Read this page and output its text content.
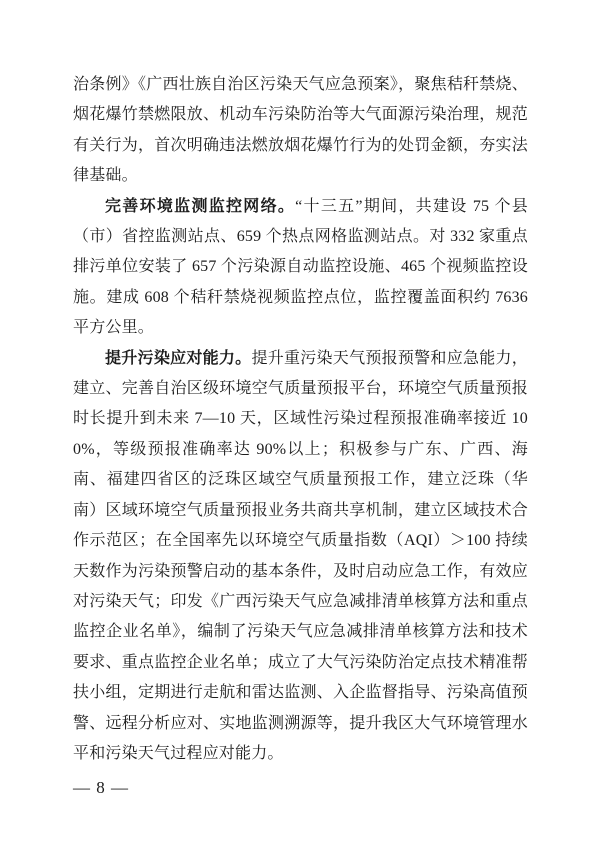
治条例》《广西壮族自治区污染天气应急预案》，聚焦秸秆禁烧、烟花爆竹禁燃限放、机动车污染防治等大气面源污染治理，规范有关行为，首次明确违法燃放烟花爆竹行为的处罚金额，夯实法律基础。

完善环境监测监控网络。“十三五”期间，共建设 75 个县（市）省控监测站点、659 个热点网格监测站点。对 332 家重点排污单位安装了 657 个污染源自动监控设施、465 个视频监控设施。建成 608 个秸秆禁烧视频监控点位，监控覆盖面积约 7636 平方公里。

提升污染应对能力。提升重污染天气预报预警和应急能力，建立、完善自治区级环境空气质量预报平台，环境空气质量预报时长提升到未来 7—10 天，区域性污染过程预报准确率接近 100%，等级预报准确率达 90%以上；积极参与广东、广西、海南、福建四省区的泛珠区域空气质量预报工作，建立泛珠（华南）区域环境空气质量预报业务共商共享机制，建立区域技术合作示范区；在全国率先以环境空气质量指数（AQI）＞100 持续天数作为污染预警启动的基本条件，及时启动应急工作，有效应对污染天气；印发《广西污染天气应急减排清单核算方法和重点监控企业名单》，编制了污染天气应急减排清单核算方法和技术要求、重点监控企业名单；成立了大气污染防治定点技术精准帮扶小组，定期进行走航和雷达监测、入企监督指导、污染高值预警、远程分析应对、实地监测溯源等，提升我区大气环境管理水平和污染天气过程应对能力。

— 8 —
